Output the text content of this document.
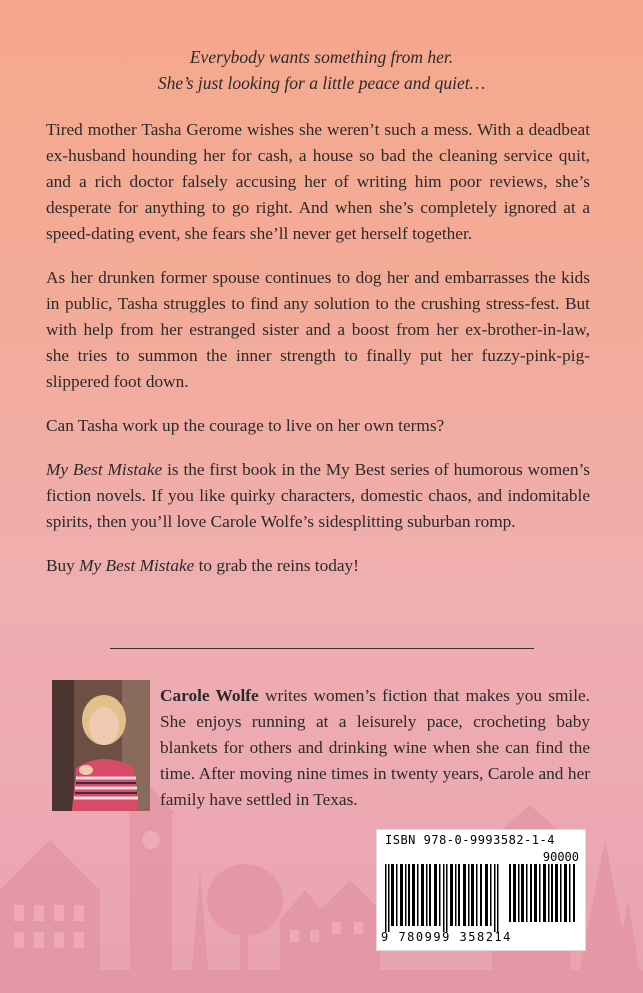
Everybody wants something from her.
She’s just looking for a little peace and quiet…

Tired mother Tasha Gerome wishes she weren’t such a mess. With a deadbeat ex-husband hounding her for cash, a house so bad the cleaning service quit, and a rich doctor falsely accusing her of writing him poor reviews, she’s desperate for anything to go right. And when she’s completely ignored at a speed-dating event, she fears she’ll never get herself together.

As her drunken former spouse continues to dog her and embarrasses the kids in public, Tasha struggles to find any solution to the crushing stress-fest. But with help from her estranged sister and a boost from her ex-brother-in-law, she tries to summon the inner strength to finally put her fuzzy-pink-pig-slippered foot down.

Can Tasha work up the courage to live on her own terms?

My Best Mistake is the first book in the My Best series of humorous women’s fiction novels. If you like quirky characters, domestic chaos, and indomitable spirits, then you’ll love Carole Wolfe’s sidesplitting suburban romp.

Buy My Best Mistake to grab the reins today!

Carole Wolfe writes women’s fiction that makes you smile. She enjoys running at a leisurely pace, crocheting baby blankets for others and drinking wine when she can find the time. After moving nine times in twenty years, Carole and her family have settled in Texas.
ISBN 978-0-9993582-1-4
90000
9 780999 358214
